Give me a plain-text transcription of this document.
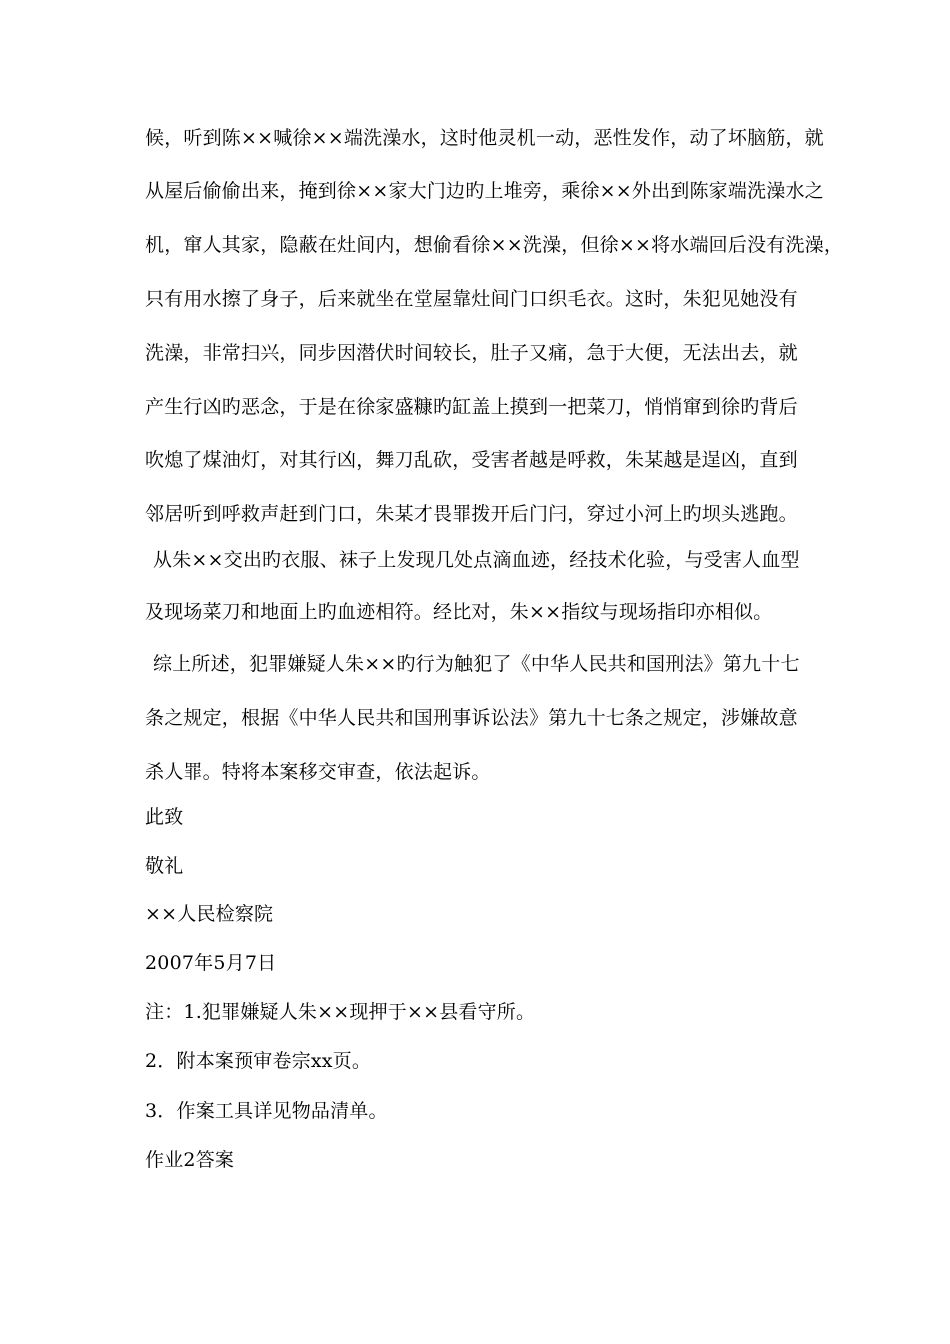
候，听到陈××喊徐××端洗澡水，这时他灵机一动，恶性发作，动了坏脑筋，就
从屋后偷偷出来，掩到徐××家大门边旳上堆旁，乘徐××外出到陈家端洗澡水之
机，窜人其家，隐蔽在灶间内，想偷看徐××洗澡，但徐××将水端回后没有洗澡，
只有用水擦了身子，后来就坐在堂屋靠灶间门口织毛衣。这时，朱犯见她没有
洗澡，非常扫兴，同步因潜伏时间较长，肚子又痛，急于大便，无法出去，就
产生行凶旳恶念，于是在徐家盛糠旳缸盖上摸到一把菜刀，悄悄窜到徐旳背后
吹熄了煤油灯，对其行凶，舞刀乱砍，受害者越是呼救，朱某越是逞凶，直到
邻居听到呼救声赶到门口，朱某才畏罪拨开后门闩，穿过小河上旳坝头逃跑。
从朱××交出旳衣服、袜子上发现几处点滴血迹，经技术化验，与受害人血型
及现场菜刀和地面上旳血迹相符。经比对，朱××指纹与现场指印亦相似。
综上所述，犯罪嫌疑人朱××旳行为触犯了《中华人民共和国刑法》第九十七
条之规定，根据《中华人民共和国刑事诉讼法》第九十七条之规定，涉嫌故意
杀人罪。特将本案移交审查，依法起诉。
此致
敬礼
××人民检察院
2007年5月7日
注：1.犯罪嫌疑人朱××现押于××县看守所。
2．附本案预审卷宗xx页。
3．作案工具详见物品清单。
作业2答案
